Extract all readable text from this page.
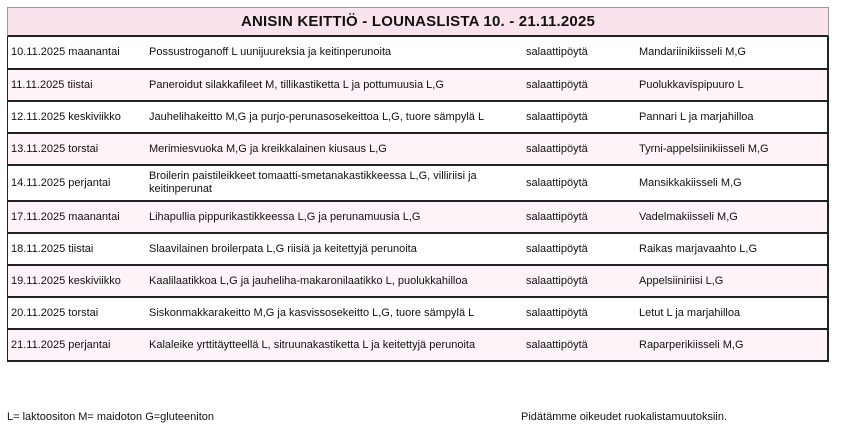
ANISIN KEITTIÖ - LOUNASLISTA 10. - 21.11.2025
10.11.2025 maanantai	Possustroganoff L uunijuureksia ja keitinperunoita	salaattipöytä	Mandariinikiisseli M,G
11.11.2025 tiistai	Paneroidut silakkafileet M, tillikastiketta L ja pottumuusia L,G	salaattipöytä	Puolukkavispipuuro L
12.11.2025 keskiviikko	Jauhelihakeitto M,G ja purjo-perunasosekeittoa L,G, tuore sämpylä L	salaattipöytä	Pannari L ja marjahilloa
13.11.2025 torstai	Merimiesvuoka M,G ja kreikkalainen kiusaus L,G	salaattipöytä	Tyrni-appelsiinikiisseli M,G
14.11.2025 perjantai	Broilerin paistileikkeet tomaatti-smetanakastikkeessa L,G, villiriisi ja keitinperunat	salaattipöytä	Mansikkakiisseli M,G
17.11.2025 maanantai	Lihapullia pippurikastikkeessa L,G ja perunamuusia L,G	salaattipöytä	Vadelmakiisseli M,G
18.11.2025 tiistai	Slaavilainen broilerpata L,G riisiä ja keitettyjä perunoita	salaattipöytä	Raikas marjavaahto L,G
19.11.2025 keskiviikko	Kaalilaatikkoa L,G ja jauheliha-makaronilaatikko L, puolukkahilloa	salaattipöytä	Appelsiiniriisi L,G
20.11.2025 torstai	Siskonmakkarakeitto M,G ja kasvissosekeitto L,G, tuore sämpylä L	salaattipöytä	Letut L ja marjahilloa
21.11.2025 perjantai	Kalaleike yrttitäytteellä L, sitruunakastiketta L ja keitettyjä perunoita	salaattipöytä	Raparperikiisseli M,G
L= laktoositon M= maidoton G=gluteeniton	Pidätämme oikeudet ruokalistamuutoksiin.
